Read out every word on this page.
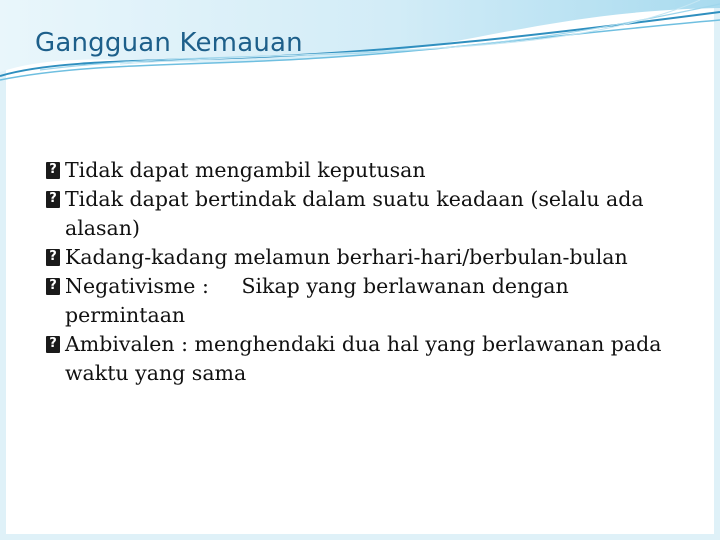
Gangguan Kemauan
?
Tidak dapat mengambil keputusan
?
Tidak dapat bertindak dalam suatu keadaan (selalu ada alasan)
?
Kadang-kadang melamun berhari-hari/berbulan-bulan
?
Negativisme :     Sikap yang berlawanan dengan permintaan
?
Ambivalen : menghendaki dua hal yang berlawanan pada waktu yang sama
